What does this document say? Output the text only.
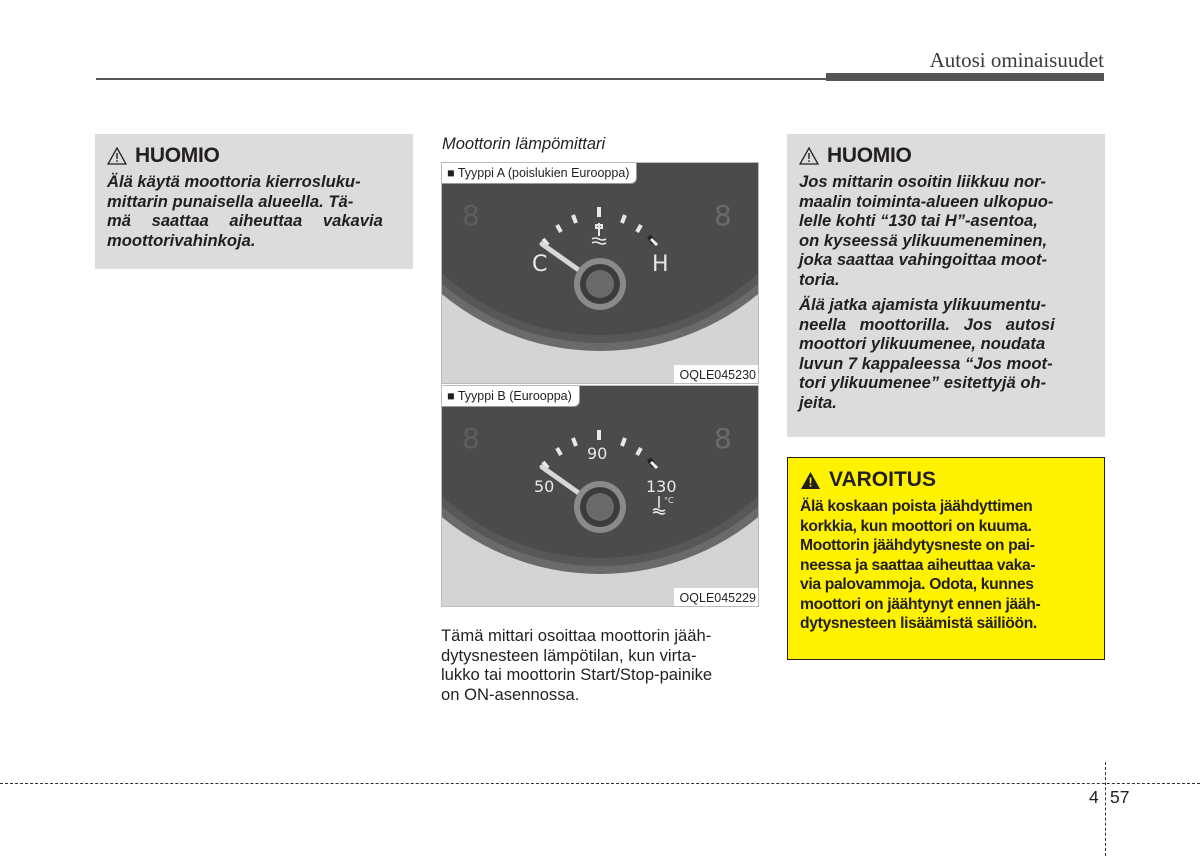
Autosi ominaisuudet
HUOMIO
Älä käytä moottoria kierrosluku-
mittarin punaisella alueella. Tä-
mä saattaa aiheuttaa vakavia
moottorivahinkoja.
Moottorin lämpömittari
8	8
C	H
■ Tyyppi A (poislukien Eurooppa)
OQLE045230
8	8
90
50	130
°C
■ Tyyppi B (Eurooppa)
OQLE045229
Tämä mittari osoittaa moottorin jääh-
dytysnesteen lämpötilan, kun virta-
lukko tai moottorin Start/Stop-painike
on ON-asennossa.
HUOMIO
Jos mittarin osoitin liikkuu nor-
maalin toiminta-alueen ulkopuo-
lelle kohti “130 tai H”-asentoa,
on kyseessä ylikuumeneminen,
joka saattaa vahingoittaa moot-
toria.
Älä jatka ajamista ylikuumentu-
neella moottorilla. Jos autosi
moottori ylikuumenee, noudata
luvun 7 kappaleessa “Jos moot-
tori ylikuumenee” esitettyjä oh-
jeita.
VAROITUS
Älä koskaan poista jäähdyttimen
korkkia, kun moottori on kuuma.
Moottorin jäähdytysneste on pai-
neessa ja saattaa aiheuttaa vaka-
via palovammoja. Odota, kunnes
moottori on jäähtynyt ennen jääh-
dytysnesteen lisäämistä säiliöön.
4 57
